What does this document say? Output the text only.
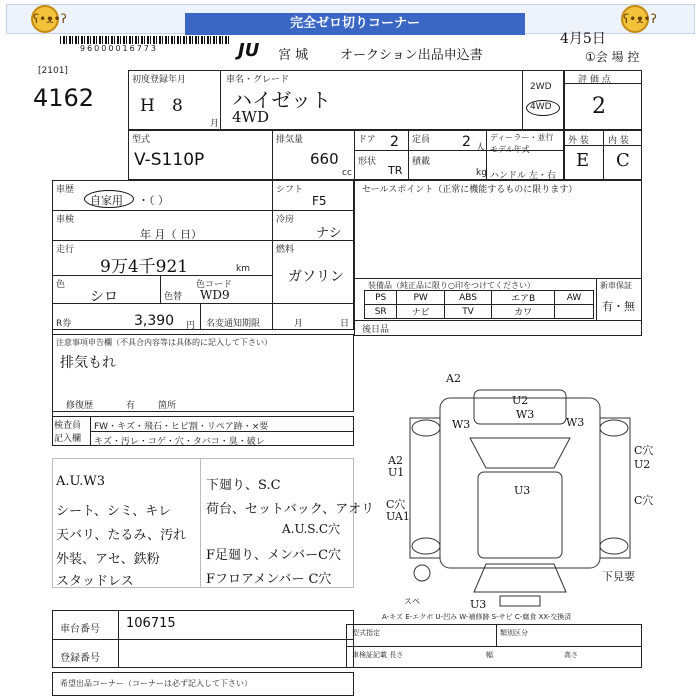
ʕ•ᴥ•ʔ	完全ゼロ切りコーナー	ʕ•ᴥ•ʔ
96000016773	JU 宮 城 オークション出品申込書
4月5日
①会 場 控
[2101]
4162
初度登録年月
H 8
月
車名・グレード
ハイゼット
4WD
2WD
4WD
評 価 点
2
型式
V-S110P
排気量
660
cc
ドア 2 定員 2 人
ディーラー・並行
モデル年式
形状
TR
積載
kg ハンドル 左・右
外 装 内 装
E C
車歴
自家用 ・（ ）
シフト
F5
車検
年 月（ 日）
冷房
ナシ
走行
9万4千921	km
燃料
ガソリン
色
シロ	色替
色コード
WD9
R券	3,390 円 名変通知期限	月	日
セールスポイント（正常に機能するものに限ります）
装備品（純正品に限り○印をつけてください）	新車保証
PS	PW	ABS	エアB	AW
SR	ナビ	TV	カワ		有・無
後日品
注意事項申告欄（不具合内容等は具体的に記入して下さい）
排気もれ
修復歴	有	箇所
検査員記入欄
FW・キズ・飛石・ヒビ割・リペア跡・×要
キズ・汚レ・コゲ・穴・タバコ・臭・破レ
A.U.W3
シート、シミ、キレ
天バリ、たるみ、汚れ
外装、アセ、鉄粉
スタッドレス
下廻り、S.C
荷台、セットバック、アオリ
A.U.S.C穴
F足廻り、メンバーC穴
Fフロアメンバー C穴
A2
U2
W3
W3	W3
A2
U1
C穴
U2
U3
C穴
UA1
C穴
下見要
スペ	U3
A-キズ E-エクボ U-凹み W-補修跡 S-サビ C-腐食 XX-交換済
車台番号 106715
登録番号
型式指定	類別区分
車検証記載 長さ	幅	高さ
希望出品コーナー（コーナーは必ず記入して下さい）
